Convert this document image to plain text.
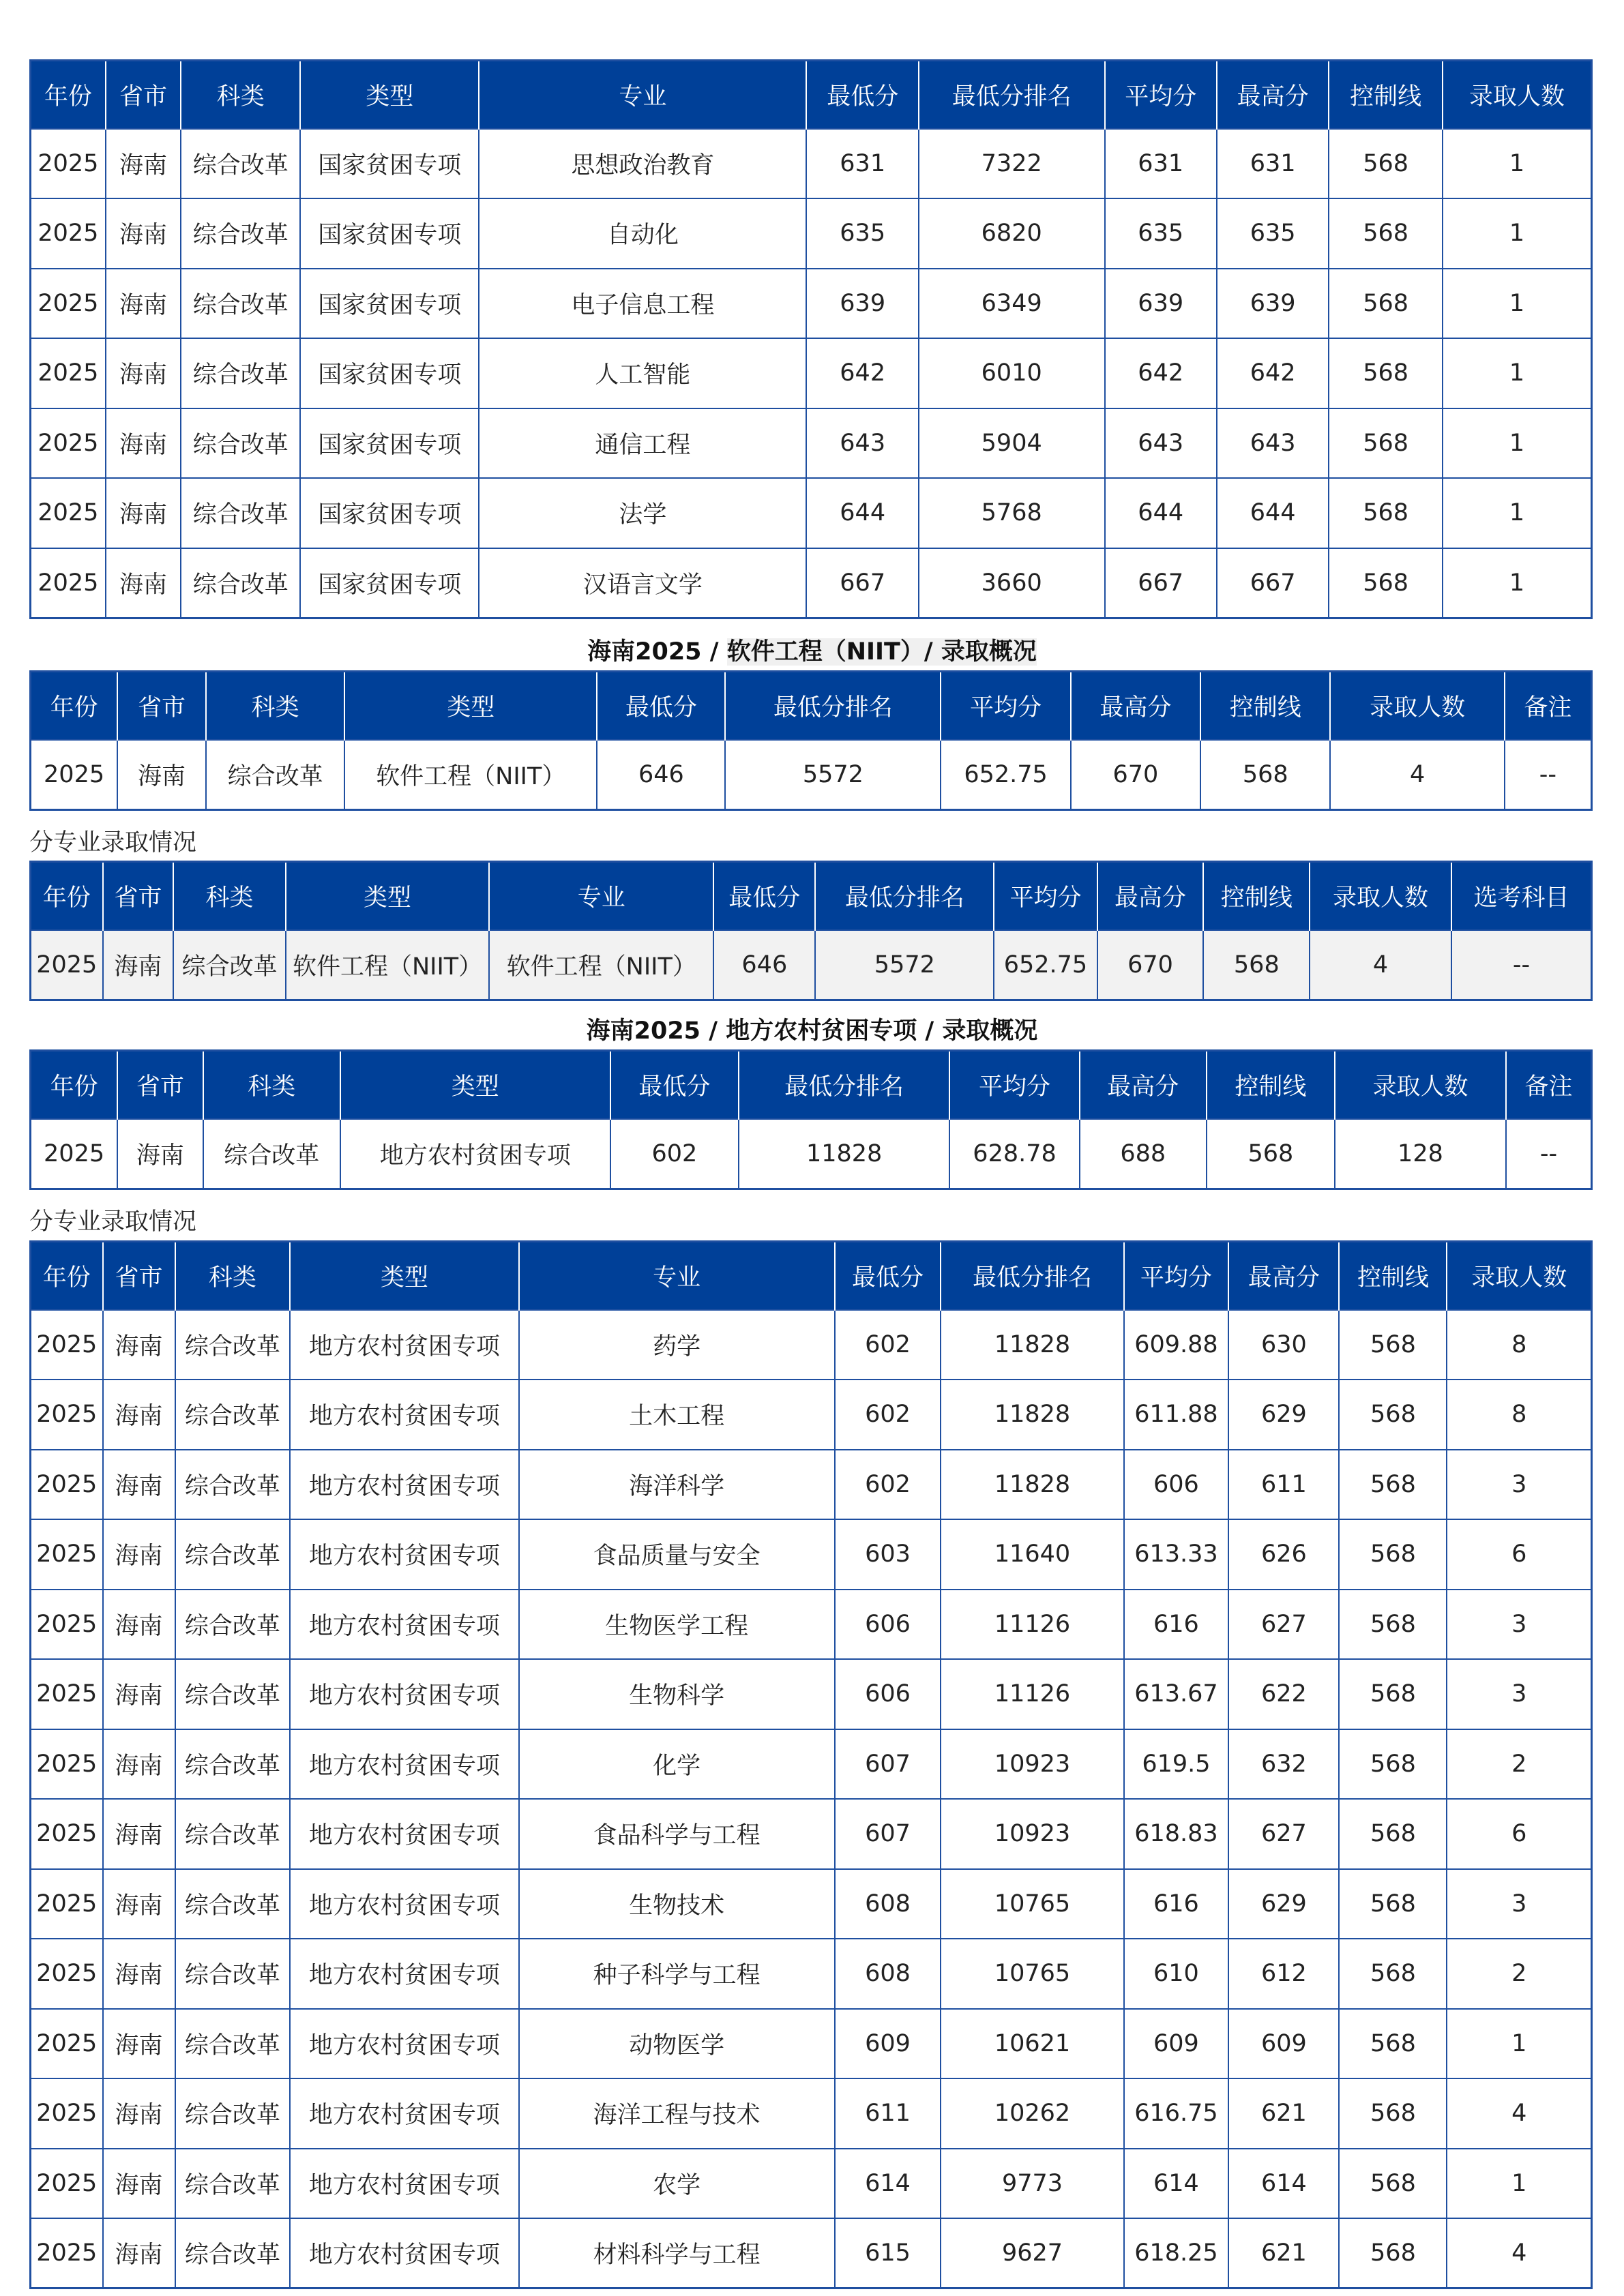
年份	省市	科类	类型	专业	最低分	最低分排名	平均分	最高分	控制线	录取人数
2025	海南	综合改革	国家贫困专项	思想政治教育	631	7322	631	631	568	1
2025	海南	综合改革	国家贫困专项	自动化	635	6820	635	635	568	1
2025	海南	综合改革	国家贫困专项	电子信息工程	639	6349	639	639	568	1
2025	海南	综合改革	国家贫困专项	人工智能	642	6010	642	642	568	1
2025	海南	综合改革	国家贫困专项	通信工程	643	5904	643	643	568	1
2025	海南	综合改革	国家贫困专项	法学	644	5768	644	644	568	1
2025	海南	综合改革	国家贫困专项	汉语言文学	667	3660	667	667	568	1
海南2025 / 软件工程（NIIT）/ 录取概况
年份	省市	科类	类型	最低分	最低分排名	平均分	最高分	控制线	录取人数	备注
2025	海南	综合改革	软件工程（NIIT）	646	5572	652.75	670	568	4	--
分专业录取情况
年份	省市	科类	类型	专业	最低分	最低分排名	平均分	最高分	控制线	录取人数	选考科目
2025	海南	综合改革	软件工程（NIIT）	软件工程（NIIT）	646	5572	652.75	670	568	4	--
海南2025 / 地方农村贫困专项 / 录取概况
年份	省市	科类	类型	最低分	最低分排名	平均分	最高分	控制线	录取人数	备注
2025	海南	综合改革	地方农村贫困专项	602	11828	628.78	688	568	128	--
分专业录取情况
年份	省市	科类	类型	专业	最低分	最低分排名	平均分	最高分	控制线	录取人数
2025	海南	综合改革	地方农村贫困专项	药学	602	11828	609.88	630	568	8
2025	海南	综合改革	地方农村贫困专项	土木工程	602	11828	611.88	629	568	8
2025	海南	综合改革	地方农村贫困专项	海洋科学	602	11828	606	611	568	3
2025	海南	综合改革	地方农村贫困专项	食品质量与安全	603	11640	613.33	626	568	6
2025	海南	综合改革	地方农村贫困专项	生物医学工程	606	11126	616	627	568	3
2025	海南	综合改革	地方农村贫困专项	生物科学	606	11126	613.67	622	568	3
2025	海南	综合改革	地方农村贫困专项	化学	607	10923	619.5	632	568	2
2025	海南	综合改革	地方农村贫困专项	食品科学与工程	607	10923	618.83	627	568	6
2025	海南	综合改革	地方农村贫困专项	生物技术	608	10765	616	629	568	3
2025	海南	综合改革	地方农村贫困专项	种子科学与工程	608	10765	610	612	568	2
2025	海南	综合改革	地方农村贫困专项	动物医学	609	10621	609	609	568	1
2025	海南	综合改革	地方农村贫困专项	海洋工程与技术	611	10262	616.75	621	568	4
2025	海南	综合改革	地方农村贫困专项	农学	614	9773	614	614	568	1
2025	海南	综合改革	地方农村贫困专项	材料科学与工程	615	9627	618.25	621	568	4
